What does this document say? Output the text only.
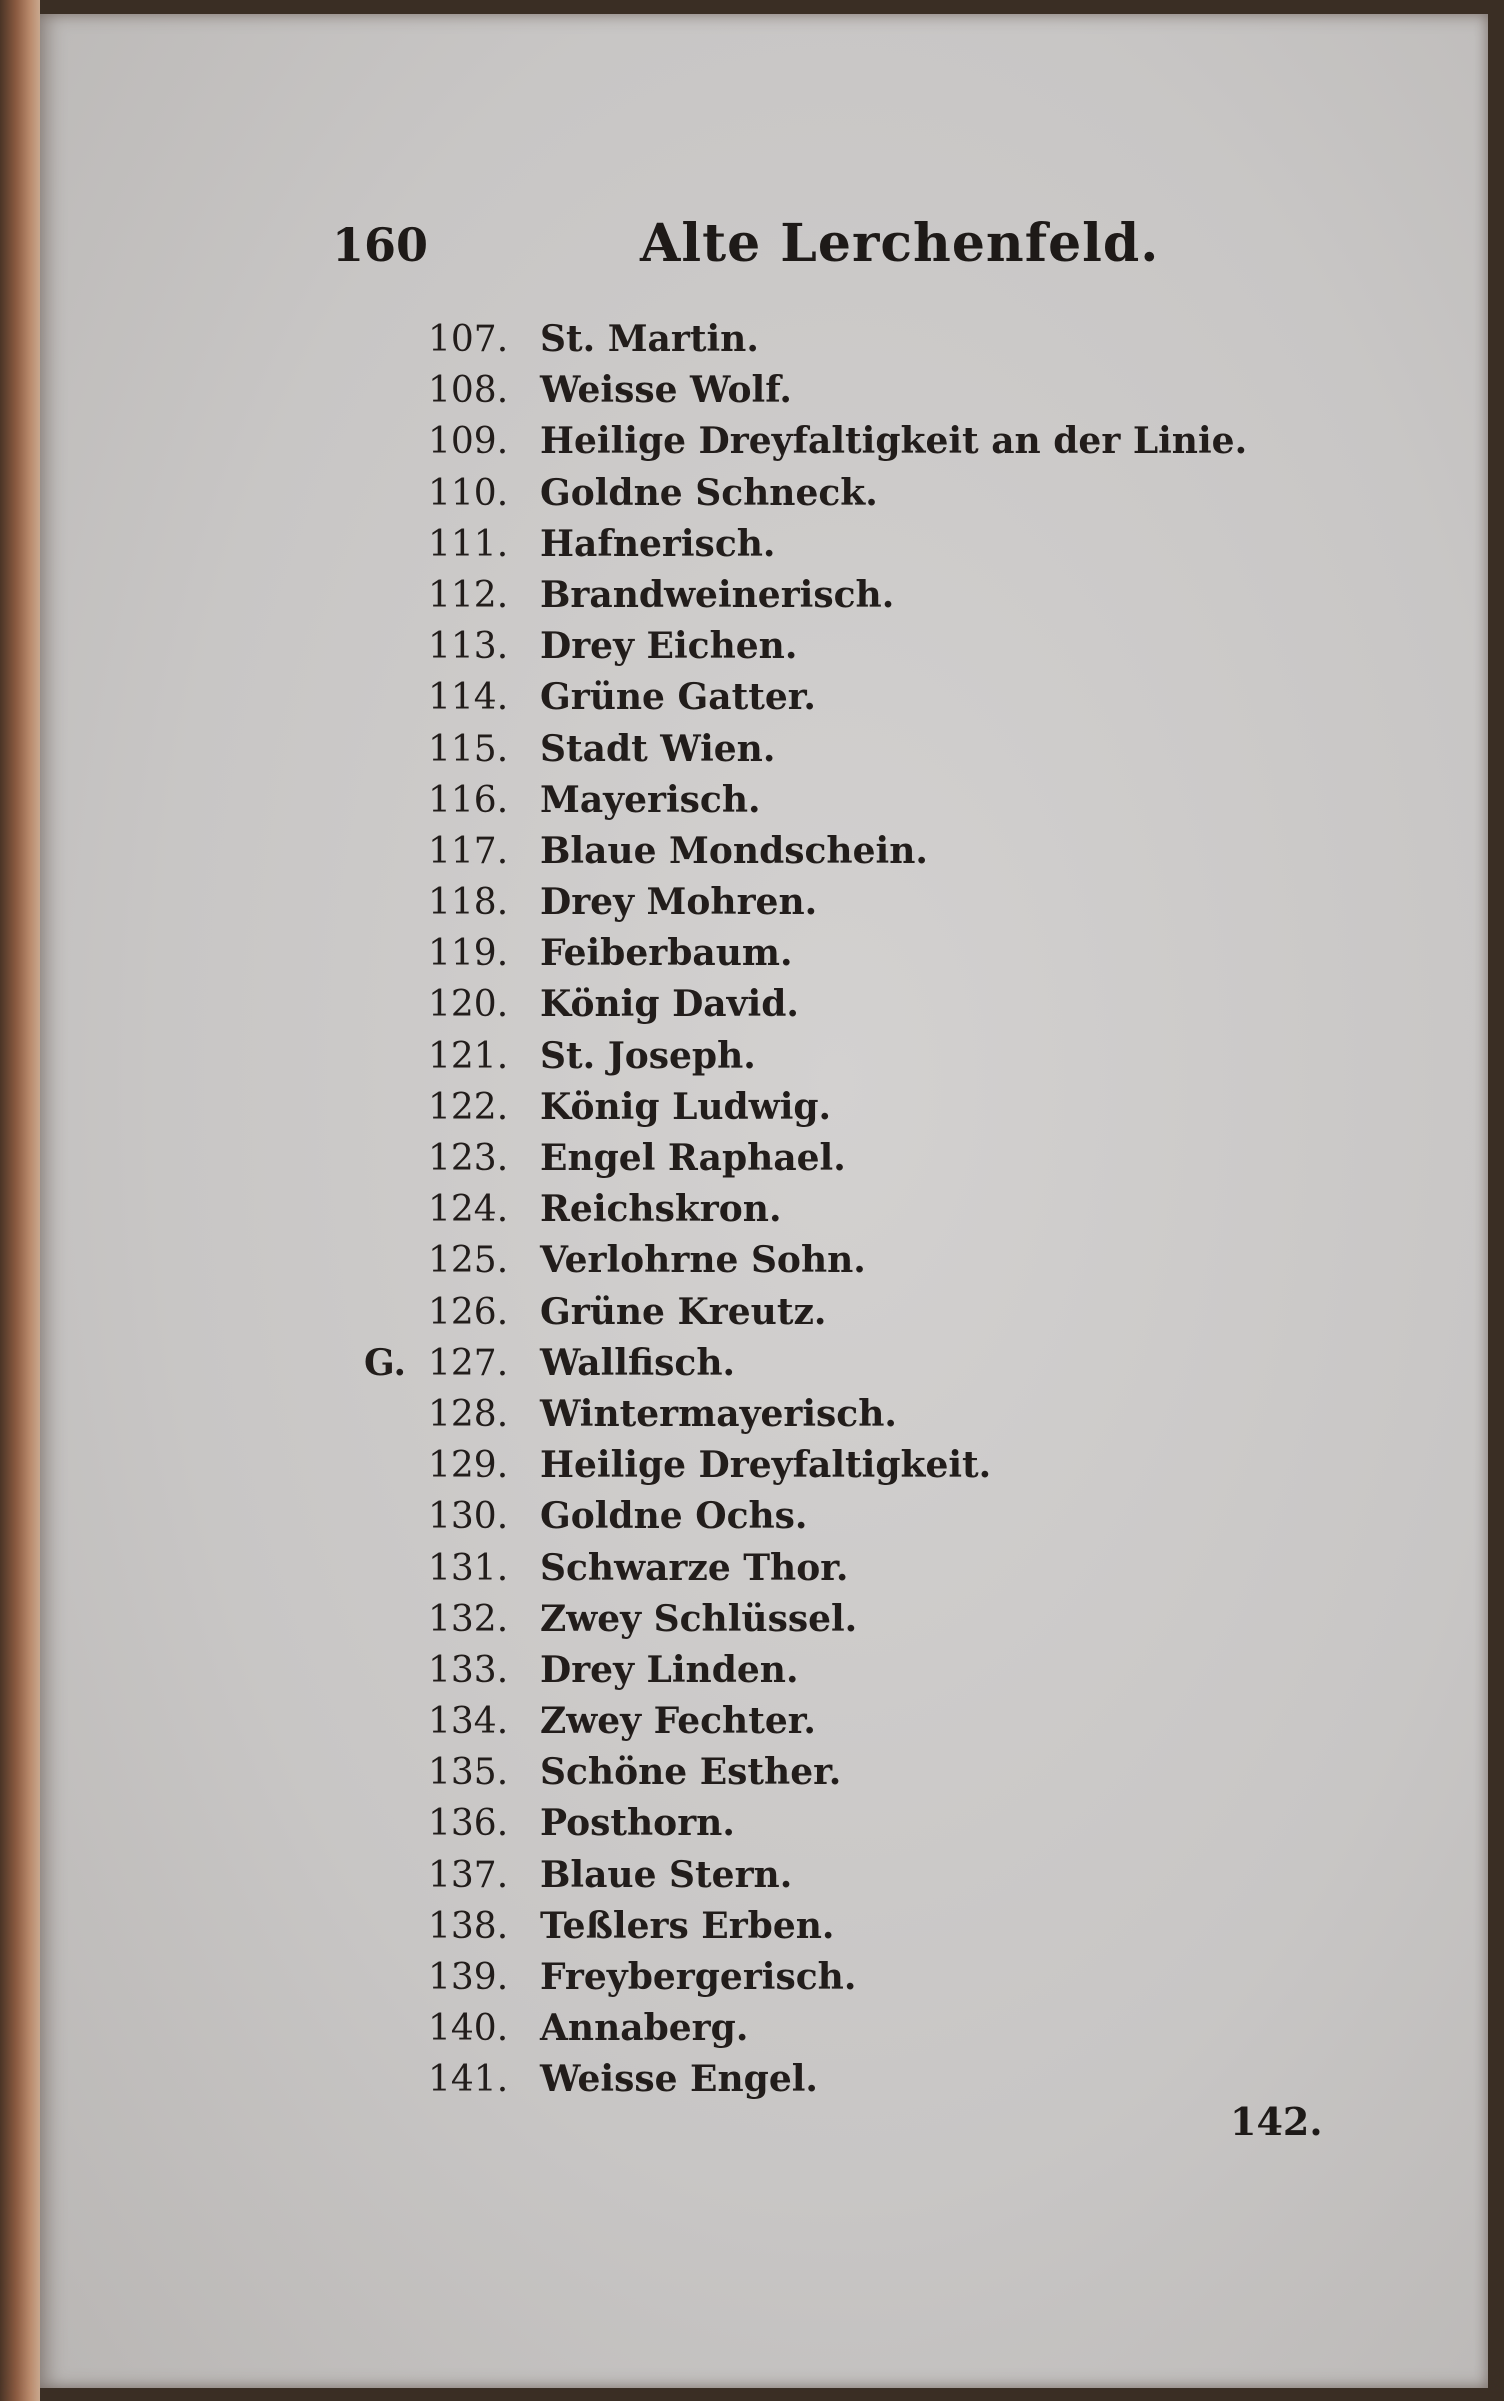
160	Alte Lerchenfeld.
107. St. Martin.
108. Weisse Wolf.
109. Heilige Dreyfaltigkeit an der Linie.
110. Goldne Schneck.
111. Hafnerisch.
112. Brandweinerisch.
113. Drey Eichen.
114. Grüne Gatter.
115. Stadt Wien.
116. Mayerisch.
117. Blaue Mondschein.
118. Drey Mohren.
119. Feiberbaum.
120. König David.
121. St. Joseph.
122. König Ludwig.
123. Engel Raphael.
124. Reichskron.
125. Verlohrne Sohn.
126. Grüne Kreutz.
G. 127. Wallfisch.
128. Wintermayerisch.
129. Heilige Dreyfaltigkeit.
130. Goldne Ochs.
131. Schwarze Thor.
132. Zwey Schlüssel.
133. Drey Linden.
134. Zwey Fechter.
135. Schöne Esther.
136. Posthorn.
137. Blaue Stern.
138. Teßlers Erben.
139. Freybergerisch.
140. Annaberg.
141. Weisse Engel.
142.
